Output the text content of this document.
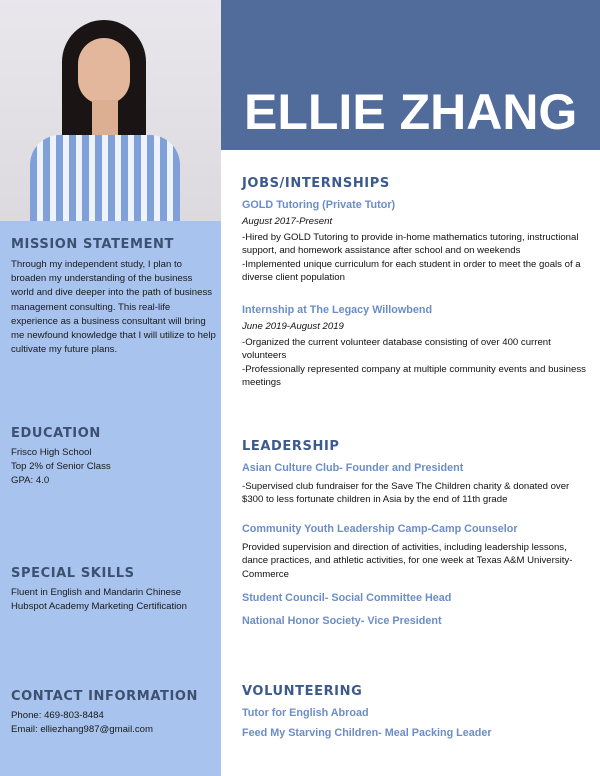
ELLIE ZHANG
MISSION STATEMENT
Through my independent study, I plan to broaden my understanding of the business world and dive deeper into the path of business management consulting. This real-life experience as a business consultant will bring me newfound knowledge that I will utilize to help cultivate my future plans.
EDUCATION
Frisco High School
Top 2% of Senior Class
GPA: 4.0
SPECIAL SKILLS
Fluent in English and Mandarin Chinese
Hubspot Academy Marketing Certification
CONTACT INFORMATION
Phone: 469-803-8484
Email: elliezhang987@gmail.com
JOBS/INTERNSHIPS
GOLD Tutoring (Private Tutor)
August 2017-Present
-Hired by GOLD Tutoring to provide in-home mathematics tutoring, instructional support, and homework assistance after school and on weekends
-Implemented unique curriculum for each student in order to meet the goals of a diverse client population
Internship at The Legacy Willowbend
June 2019-August 2019
-Organized the current volunteer database consisting of over 400 current volunteers
-Professionally represented company at multiple community events and business meetings
LEADERSHIP
Asian Culture Club- Founder and President
-Supervised club fundraiser for the Save The Children charity & donated over $300 to less fortunate children in Asia by the end of 11th grade
Community Youth Leadership Camp-Camp Counselor
Provided supervision and direction of activities, including leadership lessons, dance practices, and athletic activities, for one week at Texas A&M University-Commerce
Student Council- Social Committee Head
National Honor Society- Vice President
VOLUNTEERING
Tutor for English Abroad
Feed My Starving Children- Meal Packing Leader
